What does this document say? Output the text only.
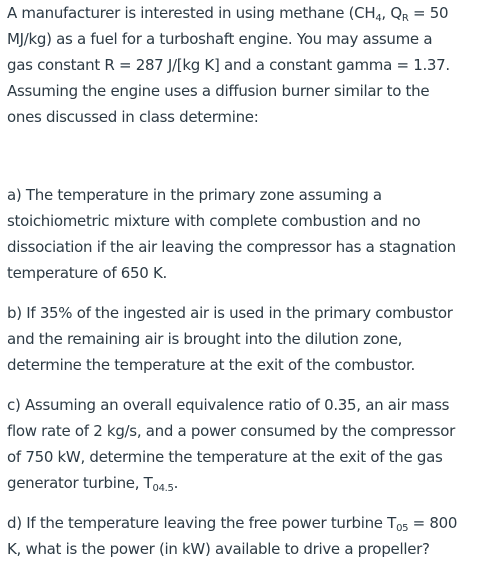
A manufacturer is interested in using methane ($CH_4$, $Q_R = 50$
MJ/kg) as a fuel for a turboshaft engine. You may assume a
gas constant R = 287 J/[kg K] and a constant gamma = 1.37.
Assuming the engine uses a diffusion burner similar to the
ones discussed in class determine:

a) The temperature in the primary zone assuming a
stoichiometric mixture with complete combustion and no
dissociation if the air leaving the compressor has a stagnation
temperature of 650 K.

b) If 35% of the ingested air is used in the primary combustor
and the remaining air is brought into the dilution zone,
determine the temperature at the exit of the combustor.

c) Assuming an overall equivalence ratio of 0.35, an air mass
flow rate of 2 kg/s, and a power consumed by the compressor
of 750 kW, determine the temperature at the exit of the gas
generator turbine, $T_{04.5}$.

d) If the temperature leaving the free power turbine $T_{05} = 800$
K, what is the power (in kW) available to drive a propeller?
